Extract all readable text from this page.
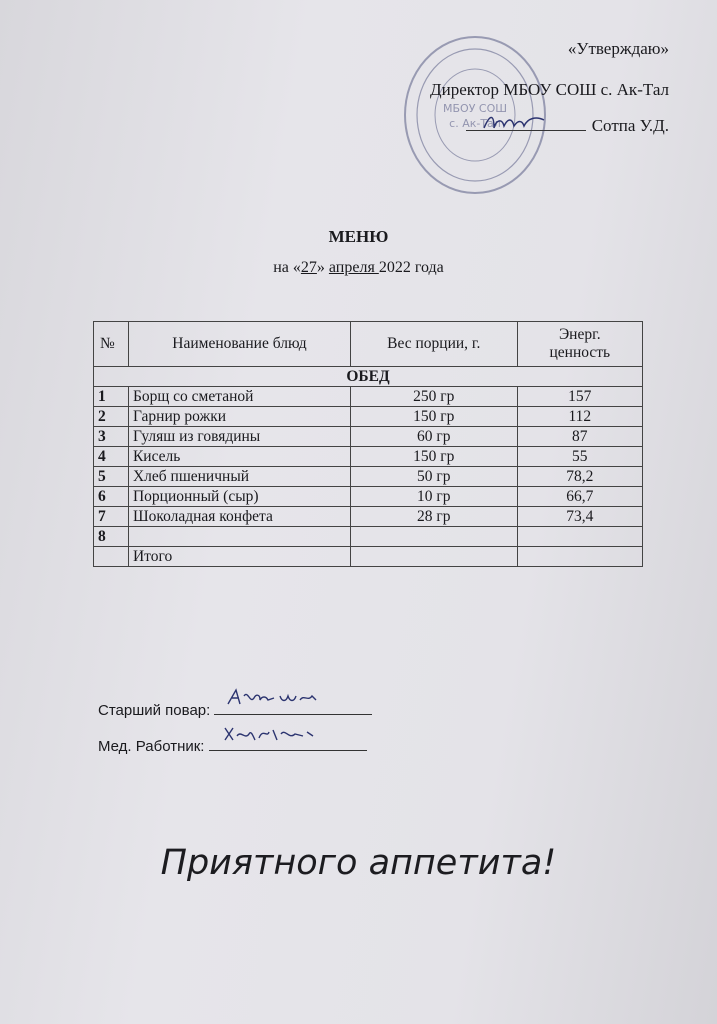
МБОУ СОШ
с. Ак-Тал
«Утверждаю»
Директор МБОУ СОШ с. Ак-Тал
Сотпа У.Д.
МЕНЮ
на «27» апреля 2022 года
№	Наименование блюд	Вес порции, г.	Энерг.
ценность
ОБЕД			
1	Борщ со сметаной	250 гр	157
2	Гарнир рожки	150 гр	112
3	Гуляш из говядины	60 гр	87
4	Кисель	150 гр	55
5	Хлеб пшеничный	50 гр	78,2
6	Порционный (сыр)	10 гр	66,7
7	Шоколадная конфета	28 гр	73,4
8			
	Итого		
Старший повар:
Мед. Работник:
Приятного аппетита!
